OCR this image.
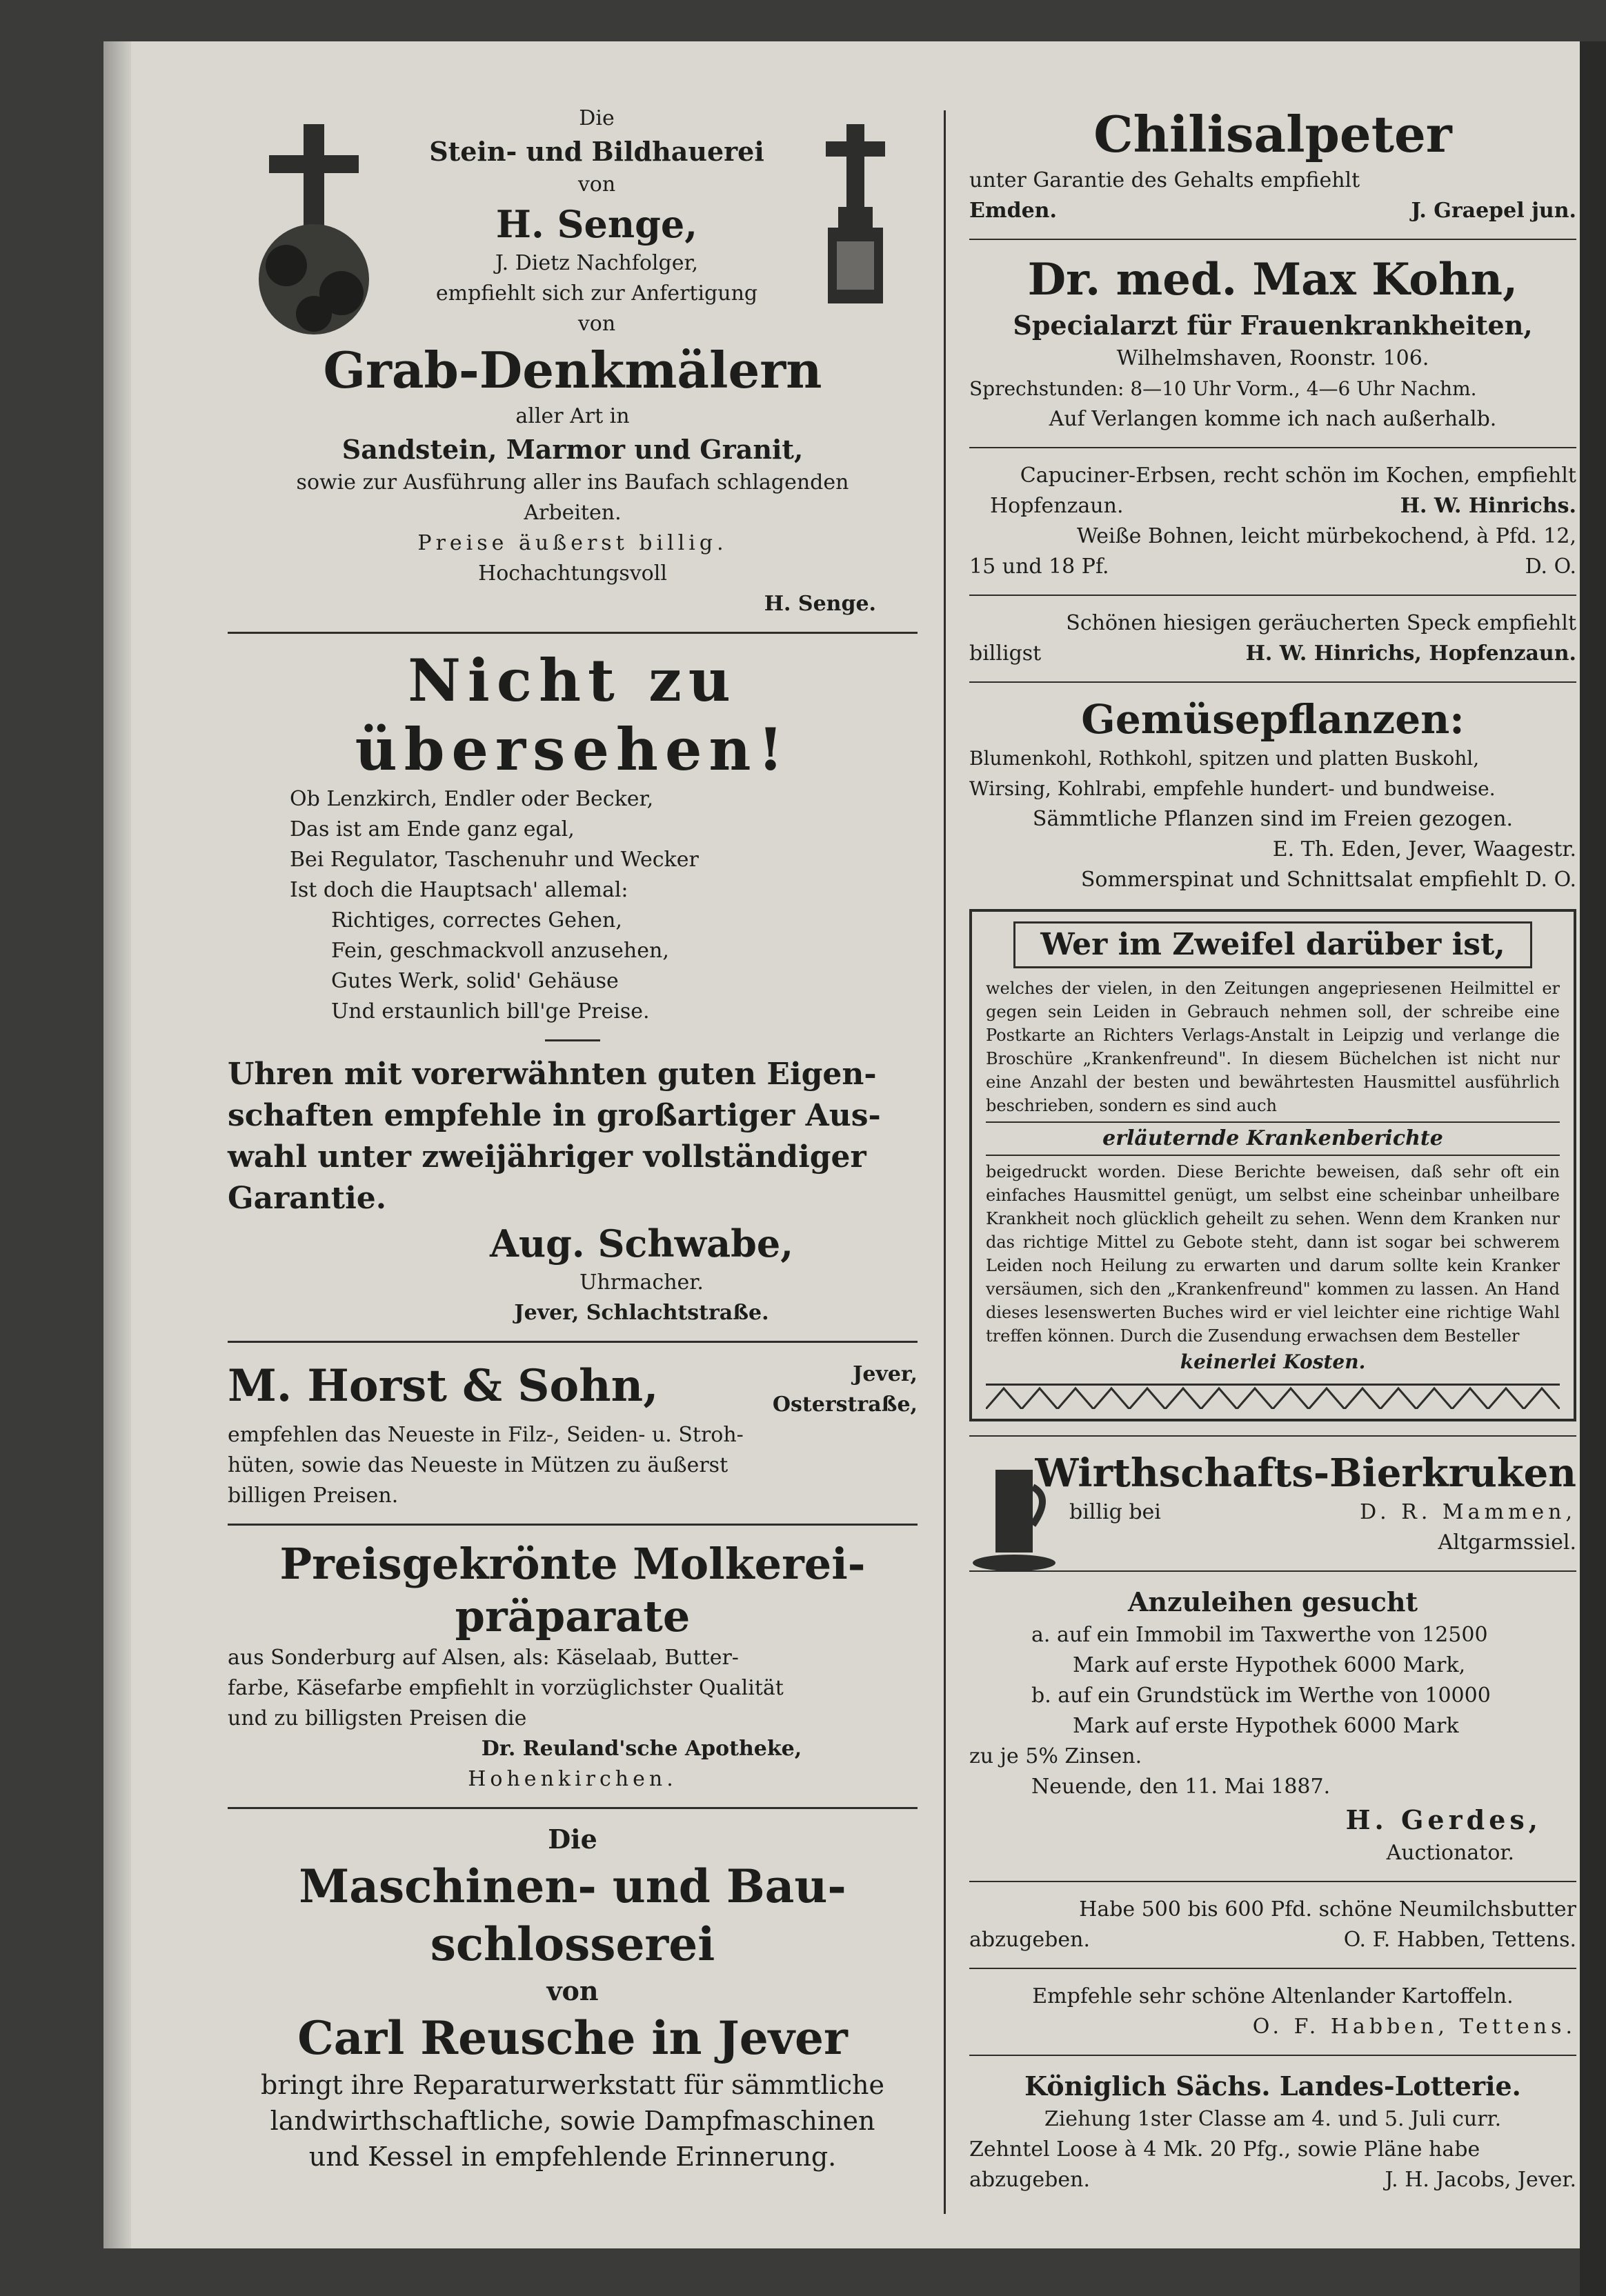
Die
Stein- und Bildhauerei
von
H. Senge,
J. Dietz Nachfolger,
empfiehlt sich zur Anfertigung
von
Grab-Denkmälern
aller Art in
Sandstein, Marmor und Granit,
sowie zur Ausführung aller ins Baufach schlagenden
Arbeiten.
Preise äußerst billig.
Hochachtungsvoll
H. Senge.
Nicht zu übersehen!
Ob Lenzkirch, Endler oder Becker,
Das ist am Ende ganz egal,
Bei Regulator, Taschenuhr und Wecker
Ist doch die Hauptsach' allemal:
Richtiges, correctes Gehen,
Fein, geschmackvoll anzusehen,
Gutes Werk, solid' Gehäuse
Und erstaunlich bill'ge Preise.
Uhren mit vorerwähnten guten Eigen-
schaften empfehle in großartiger Aus-
wahl unter zweijähriger vollständiger
Garantie.
Aug. Schwabe,
Uhrmacher.
Jever, Schlachtstraße.
M. Horst & Sohn,	Jever,
Osterstraße,
empfehlen das Neueste in Filz-, Seiden- u. Stroh-
hüten, sowie das Neueste in Mützen zu äußerst
billigen Preisen.
Preisgekrönte Molkerei-
präparate
aus Sonderburg auf Alsen, als: Käselaab, Butter-
farbe, Käsefarbe empfiehlt in vorzüglichster Qualität
und zu billigsten Preisen die
Dr. Reuland'sche Apotheke,
Hohenkirchen.
Die
Maschinen- und Bau-
schlosserei
von
Carl Reusche in Jever
bringt ihre Reparaturwerkstatt für sämmtliche
landwirthschaftliche, sowie Dampfmaschinen
und Kessel in empfehlende Erinnerung.
Chilisalpeter
unter Garantie des Gehalts empfiehlt
Emden.	J. Graepel jun.
Dr. med. Max Kohn,
Specialarzt für Frauenkrankheiten,
Wilhelmshaven, Roonstr. 106.
Sprechstunden: 8—10 Uhr Vorm., 4—6 Uhr Nachm.
Auf Verlangen komme ich nach außerhalb.
Capuciner-Erbsen, recht schön im Kochen, empfiehlt
Hopfenzaun.	H. W. Hinrichs.
Weiße Bohnen, leicht mürbekochend, à Pfd. 12,
15 und 18 Pf.	D. O.
Schönen hiesigen geräucherten Speck empfiehlt
billigst	H. W. Hinrichs, Hopfenzaun.
Gemüsepflanzen:
Blumenkohl, Rothkohl, spitzen und platten Buskohl,
Wirsing, Kohlrabi, empfehle hundert- und bundweise.
Sämmtliche Pflanzen sind im Freien gezogen.
E. Th. Eden, Jever, Waagestr.
Sommerspinat und Schnittsalat empfiehlt D. O.
Wer im Zweifel darüber ist,
welches der vielen, in den Zeitungen angepriesenen Heilmittel er gegen sein Leiden in Gebrauch nehmen soll, der schreibe eine Postkarte an Richters Verlags-Anstalt in Leipzig und verlange die Broschüre „Krankenfreund". In diesem Büchelchen ist nicht nur eine Anzahl der besten und bewährtesten Hausmittel ausführlich beschrieben, sondern es sind auch
erläuternde Krankenberichte
beigedruckt worden. Diese Berichte beweisen, daß sehr oft ein einfaches Hausmittel genügt, um selbst eine scheinbar unheilbare Krankheit noch glücklich geheilt zu sehen. Wenn dem Kranken nur das richtige Mittel zu Gebote steht, dann ist sogar bei schwerem Leiden noch Heilung zu erwarten und darum sollte kein Kranker versäumen, sich den „Krankenfreund" kommen zu lassen. An Hand dieses lesenswerten Buches wird er viel leichter eine richtige Wahl treffen können. Durch die Zusendung erwachsen dem Besteller
keinerlei Kosten.
Wirthschafts-Bierkruken
billig bei	D. R. Mammen,
Altgarmssiel.
Anzuleihen gesucht
a. auf ein Immobil im Taxwerthe von 12500
Mark auf erste Hypothek 6000 Mark,
b. auf ein Grundstück im Werthe von 10000
Mark auf erste Hypothek 6000 Mark
zu je 5% Zinsen.
Neuende, den 11. Mai 1887.
H. Gerdes,
Auctionator.
Habe 500 bis 600 Pfd. schöne Neumilchsbutter
abzugeben.	O. F. Habben, Tettens.
Empfehle sehr schöne Altenlander Kartoffeln.
O. F. Habben, Tettens.
Königlich Sächs. Landes-Lotterie.
Ziehung 1ster Classe am 4. und 5. Juli curr.
Zehntel Loose à 4 Mk. 20 Pfg., sowie Pläne habe
abzugeben.	J. H. Jacobs, Jever.
